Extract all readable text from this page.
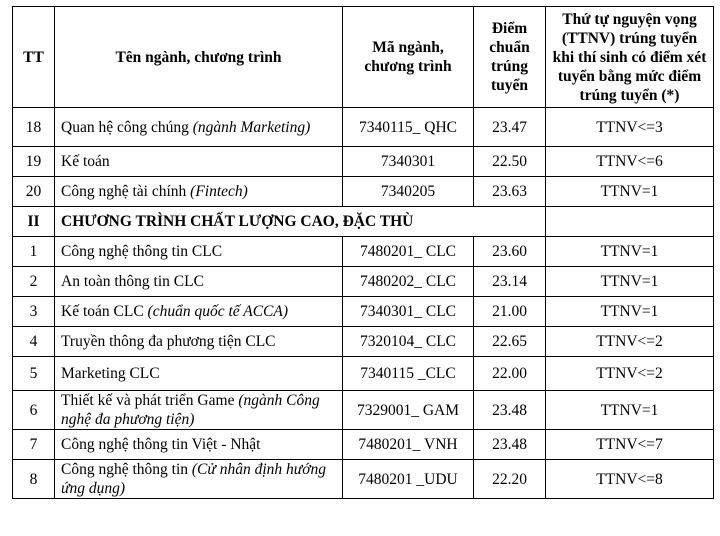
TT	Tên ngành, chương trình	Mã ngành, chương trình	Điểm chuẩn trúng tuyển	Thứ tự nguyện vọng (TTNV) trúng tuyển khi thí sinh có điểm xét tuyển bằng mức điểm trúng tuyển (*)
18	Quan hệ công chúng (ngành Marketing)	7340115_ QHC	23.47	TTNV<=3
19	Kế toán	7340301	22.50	TTNV<=6
20	Công nghệ tài chính (Fintech)	7340205	23.63	TTNV=1
II	CHƯƠNG TRÌNH CHẤT LƯỢNG CAO, ĐẶC THÙ			
1	Công nghệ thông tin CLC	7480201_ CLC	23.60	TTNV=1
2	An toàn thông tin CLC	7480202_ CLC	23.14	TTNV=1
3	Kế toán CLC (chuẩn quốc tế ACCA)	7340301_ CLC	21.00	TTNV=1
4	Truyền thông đa phương tiện CLC	7320104_ CLC	22.65	TTNV<=2
5	Marketing CLC	7340115 _CLC	22.00	TTNV<=2
6	Thiết kế và phát triển Game (ngành Công nghệ đa phương tiện)	7329001_ GAM	23.48	TTNV=1
7	Công nghệ thông tin Việt - Nhật	7480201_ VNH	23.48	TTNV<=7
8	Công nghệ thông tin (Cử nhân định hướng ứng dụng)	7480201 _UDU	22.20	TTNV<=8
